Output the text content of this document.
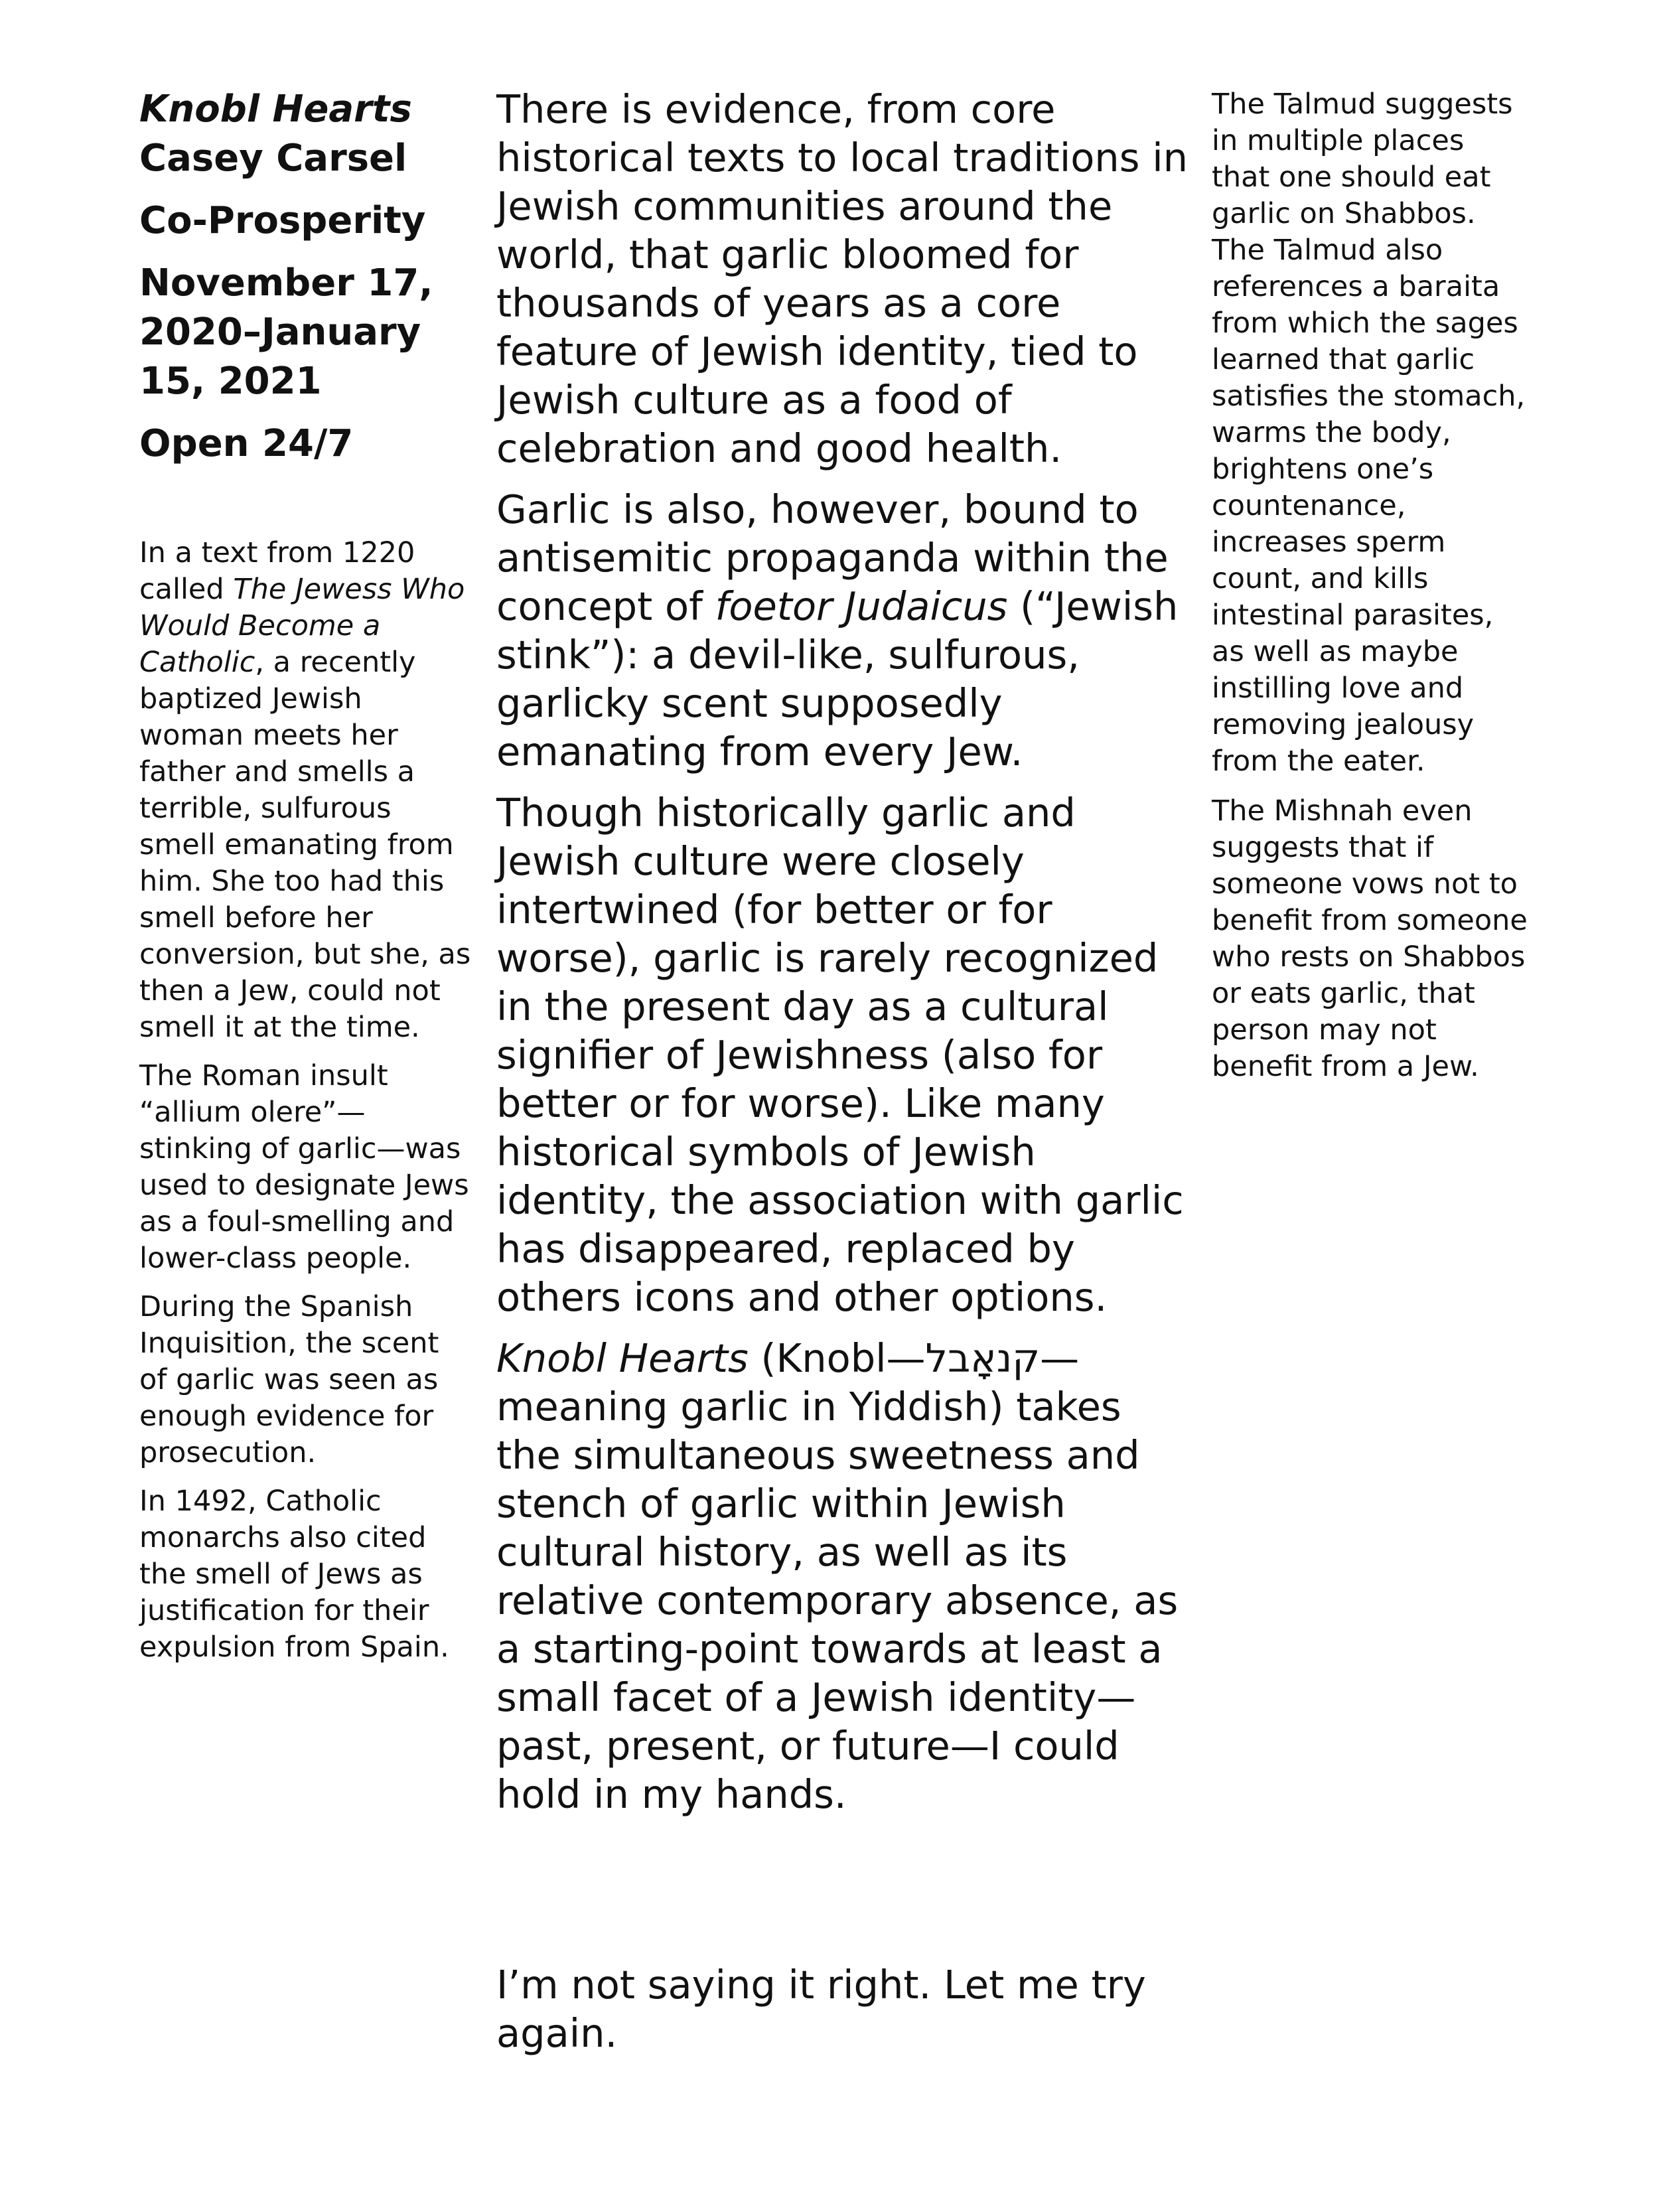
Knobl Hearts

Casey Carsel

Co-Prosperity

November 17, 2020–January 15, 2021

Open 24/7

In a text from 1220 called The Jewess Who Would Become a Catholic, a recently baptized Jewish woman meets her father and smells a terrible, sulfurous smell emanating from him. She too had this smell before her conversion, but she, as then a Jew, could not smell it at the time.

The Roman insult “allium olere”—stinking of garlic—was used to designate Jews as a foul-smelling and lower-class people.

During the Spanish Inquisition, the scent of garlic was seen as enough evidence for prosecution.

In 1492, Catholic monarchs also cited the smell of Jews as justification for their expulsion from Spain.

There is evidence, from core historical texts to local traditions in Jewish communities around the world, that garlic bloomed for thousands of years as a core feature of Jewish identity, tied to Jewish culture as a food of celebration and good health.

Garlic is also, however, bound to antisemitic propaganda within the concept of foetor Judaicus (“Jewish stink”): a devil-like, sulfurous, garlicky scent supposedly emanating from every Jew.

Though historically garlic and Jewish culture were closely intertwined (for better or for worse), garlic is rarely recognized in the present day as a cultural signifier of Jewishness (also for better or for worse). Like many historical symbols of Jewish identity, the association with garlic has disappeared, replaced by others icons and other options.

Knobl Hearts (Knobl—קנאָבל—meaning garlic in Yiddish) takes the simultaneous sweetness and stench of garlic within Jewish cultural history, as well as its relative contemporary absence, as a starting-point towards at least a small facet of a Jewish identity—past, present, or future—I could hold in my hands.

I’m not saying it right. Let me try again.

The Talmud suggests in multiple places that one should eat garlic on Shabbos. The Talmud also references a baraita from which the sages learned that garlic satisfies the stomach, warms the body, brightens one’s countenance, increases sperm count, and kills intestinal parasites, as well as maybe instilling love and removing jealousy from the eater.

The Mishnah even suggests that if someone vows not to benefit from someone who rests on Shabbos or eats garlic, that person may not benefit from a Jew.
